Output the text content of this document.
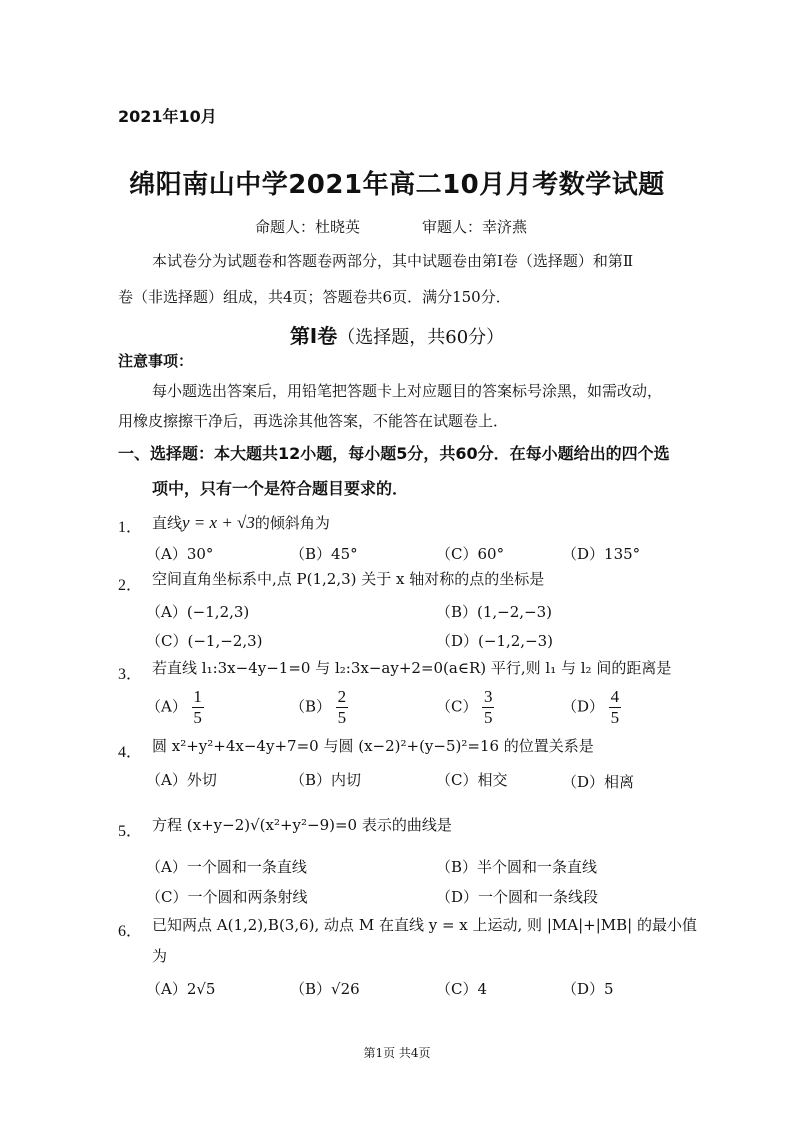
2021年10月
绵阳南山中学2021年高二10月月考数学试题
命题人：杜晓英	审题人：幸济燕
本试卷分为试题卷和答题卷两部分，其中试题卷由第Ⅰ卷（选择题）和第Ⅱ
卷（非选择题）组成，共4页；答题卷共6页．满分150分．
第Ⅰ卷（选择题，共60分）
注意事项：
每小题选出答案后，用铅笔把答题卡上对应题目的答案标号涂黑，如需改动，
用橡皮擦擦干净后，再选涂其他答案，不能答在试题卷上．
一、选择题：本大题共12小题，每小题5分，共60分．在每小题给出的四个选
项中，只有一个是符合题目要求的．
1． 直线y = x + √3的倾斜角为
（A）30°	（B）45°	（C）60°	（D）135°
2． 空间直角坐标系中,点 P(1,2,3) 关于 x 轴对称的点的坐标是
（A）(−1,2,3)	（B）(1,−2,−3)
（C）(−1,−2,3)	（D）(−1,2,−3)
3． 若直线 l₁:3x−4y−1=0 与 l₂:3x−ay+2=0(a∈R) 平行,则 l₁ 与 l₂ 间的距离是
$(A) \frac{1}{5}$	$(B) \frac{2}{5}$	$(C) \frac{3}{5}$	$(D) \frac{4}{5}$
4． 圆 x²+y²+4x−4y+7=0 与圆 (x−2)²+(y−5)²=16 的位置关系是
（A）外切	（B）内切	（C）相交	（D）相离
5． 方程 (x+y−2)√(x²+y²−9)=0 表示的曲线是
（A）一个圆和一条直线	（B）半个圆和一条直线
（C）一个圆和两条射线	（D）一个圆和一条线段
6． 已知两点 A(1,2),B(3,6), 动点 M 在直线 y = x 上运动, 则 |MA|+|MB| 的最小值
为
（A）2√5	（B）√26	（C）4	（D）5
第1页 共4页
